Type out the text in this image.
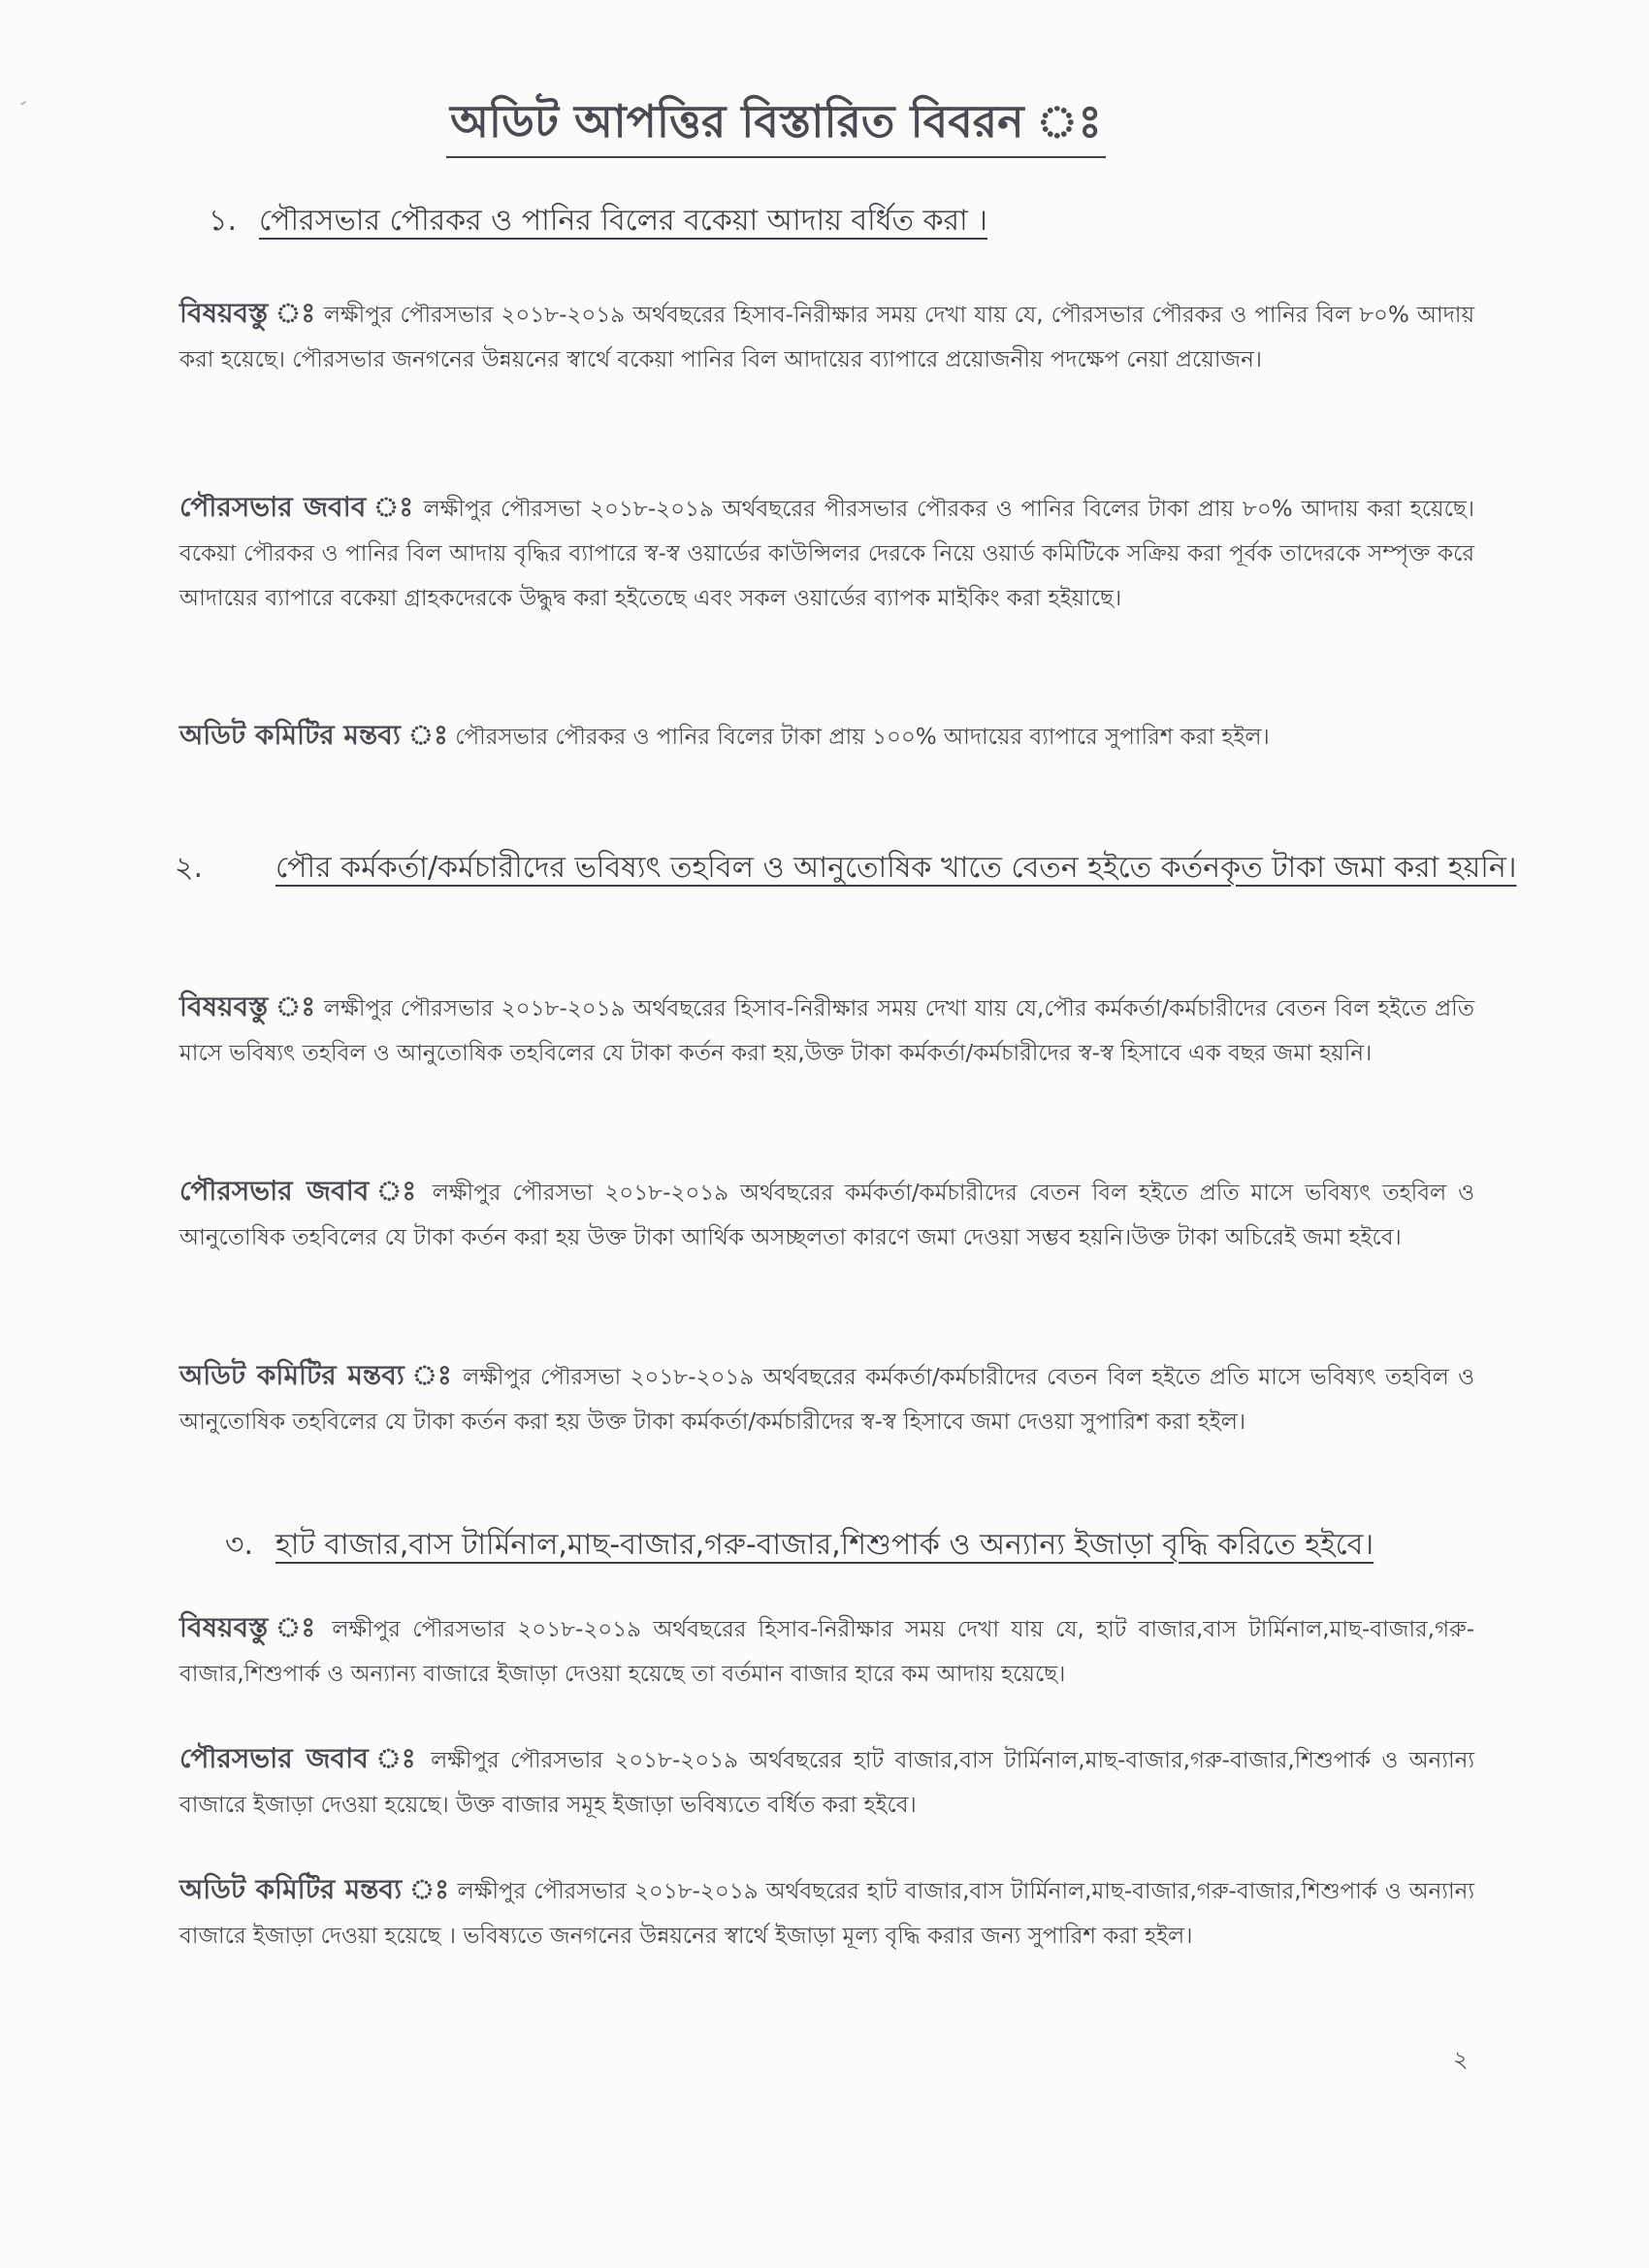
অডিট আপত্তির বিস্তারিত বিবরন ঃ
১. পৌরসভার পৌরকর ও পানির বিলের বকেয়া আদায় বর্ধিত করা ।
বিষয়বস্তু ঃ লক্ষীপুর পৌরসভার ২০১৮-২০১৯ অর্থবছরের হিসাব-নিরীক্ষার সময় দেখা যায় যে, পৌরসভার পৌরকর ও পানির বিল ৮০% আদায় করা হয়েছে। পৌরসভার জনগনের উন্নয়নের স্বার্থে বকেয়া পানির বিল আদায়ের ব্যাপারে প্রয়োজনীয় পদক্ষেপ নেয়া প্রয়োজন।
পৌরসভার জবাব ঃ লক্ষীপুর পৌরসভা ২০১৮-২০১৯ অর্থবছরের পীরসভার পৌরকর ও পানির বিলের টাকা প্রায় ৮০% আদায় করা হয়েছে। বকেয়া পৌরকর ও পানির বিল আদায় বৃদ্ধির ব্যাপারে স্ব-স্ব ওয়ার্ডের কাউন্সিলর দেরকে নিয়ে ওয়ার্ড কমিটিকে সক্রিয় করা পূর্বক তাদেরকে সম্পৃক্ত করে আদায়ের ব্যাপারে বকেয়া গ্রাহকদেরকে উদ্ধুদ্ব করা হইতেছে এবং সকল ওয়ার্ডের ব্যাপক মাইকিং করা হইয়াছে।
অডিট কমিটির মন্তব্য ঃ পৌরসভার পৌরকর ও পানির বিলের টাকা প্রায় ১০০% আদায়ের ব্যাপারে সুপারিশ করা হইল।
২. পৌর কর্মকর্তা/কর্মচারীদের ভবিষ্যৎ তহবিল ও আনুতোষিক খাতে বেতন হইতে কর্তনকৃত টাকা জমা করা হয়নি।
বিষয়বস্তু ঃ লক্ষীপুর পৌরসভার ২০১৮-২০১৯ অর্থবছরের হিসাব-নিরীক্ষার সময় দেখা যায় যে,পৌর কর্মকর্তা/কর্মচারীদের বেতন বিল হইতে প্রতি মাসে ভবিষ্যৎ তহবিল ও আনুতোষিক তহবিলের যে টাকা কর্তন করা হয়,উক্ত টাকা কর্মকর্তা/কর্মচারীদের স্ব-স্ব হিসাবে এক বছর জমা হয়নি।
পৌরসভার জবাব ঃ লক্ষীপুর পৌরসভা ২০১৮-২০১৯ অর্থবছরের কর্মকর্তা/কর্মচারীদের বেতন বিল হইতে প্রতি মাসে ভবিষ্যৎ তহবিল ও আনুতোষিক তহবিলের যে টাকা কর্তন করা হয় উক্ত টাকা আর্থিক অসচ্ছলতা কারণে জমা দেওয়া সম্ভব হয়নি।উক্ত টাকা অচিরেই জমা হইবে।
অডিট কমিটির মন্তব্য ঃ লক্ষীপুর পৌরসভা ২০১৮-২০১৯ অর্থবছরের কর্মকর্তা/কর্মচারীদের বেতন বিল হইতে প্রতি মাসে ভবিষ্যৎ তহবিল ও আনুতোষিক তহবিলের যে টাকা কর্তন করা হয় উক্ত টাকা কর্মকর্তা/কর্মচারীদের স্ব-স্ব হিসাবে জমা দেওয়া সুপারিশ করা হইল।
৩. হাট বাজার,বাস টার্মিনাল,মাছ-বাজার,গরু-বাজার,শিশুপার্ক ও অন্যান্য ইজাড়া বৃদ্ধি করিতে হইবে।
বিষয়বস্তু ঃ লক্ষীপুর পৌরসভার ২০১৮-২০১৯ অর্থবছরের হিসাব-নিরীক্ষার সময় দেখা যায় যে, হাট বাজার,বাস টার্মিনাল,মাছ-বাজার,গরু-বাজার,শিশুপার্ক ও অন্যান্য বাজারে ইজাড়া দেওয়া হয়েছে তা বর্তমান বাজার হারে কম আদায় হয়েছে।
পৌরসভার জবাব ঃ লক্ষীপুর পৌরসভার ২০১৮-২০১৯ অর্থবছরের হাট বাজার,বাস টার্মিনাল,মাছ-বাজার,গরু-বাজার,শিশুপার্ক ও অন্যান্য বাজারে ইজাড়া দেওয়া হয়েছে। উক্ত বাজার সমূহ ইজাড়া ভবিষ্যতে বর্ধিত করা হইবে।
অডিট কমিটির মন্তব্য ঃ লক্ষীপুর পৌরসভার ২০১৮-২০১৯ অর্থবছরের হাট বাজার,বাস টার্মিনাল,মাছ-বাজার,গরু-বাজার,শিশুপার্ক ও অন্যান্য বাজারে ইজাড়া দেওয়া হয়েছে । ভবিষ্যতে জনগনের উন্নয়নের স্বার্থে ইজাড়া মূল্য বৃদ্ধি করার জন্য সুপারিশ করা হইল।
২
